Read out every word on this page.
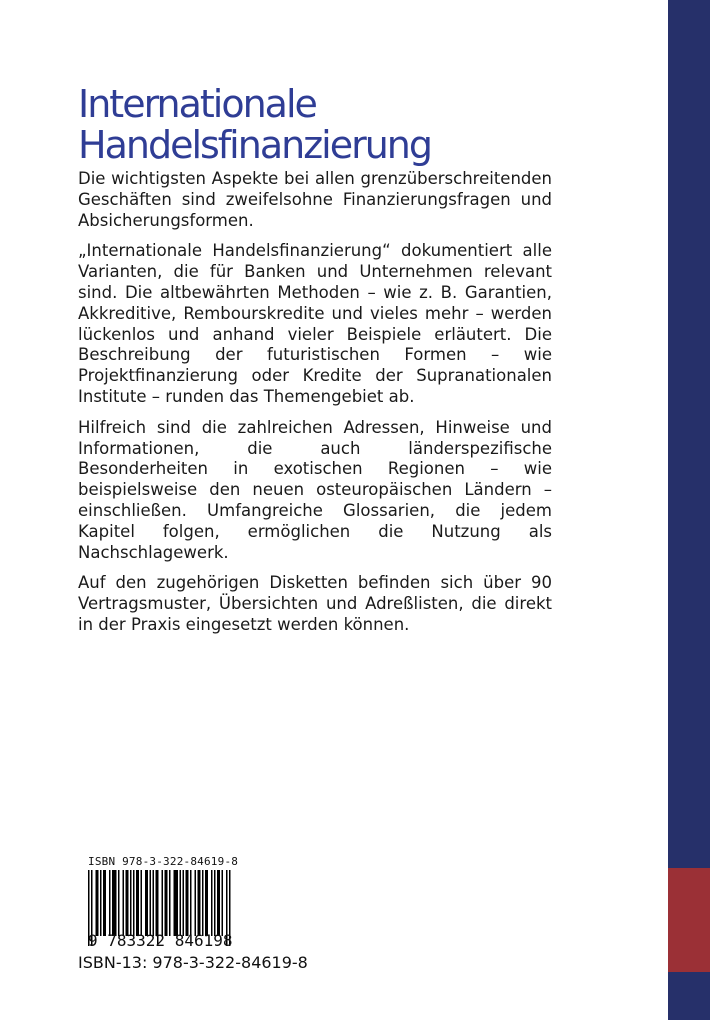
Internationale
Handelsfinanzierung

Die wichtigsten Aspekte bei allen grenzüberschreitenden Geschäften sind zweifelsohne Finanzierungsfragen und Absicherungsformen.

„Internationale Handelsfinanzierung“ dokumentiert alle Varianten, die für Banken und Unternehmen relevant sind. Die altbewährten Methoden – wie z. B. Garantien, Akkreditive, Rembourskredite und vieles mehr – werden lückenlos und anhand vieler Beispiele erläutert. Die Beschreibung der futuristischen Formen – wie Projektfinanzierung oder Kredite der Supranationalen Institute – runden das Themengebiet ab.

Hilfreich sind die zahlreichen Adressen, Hinweise und Informationen, die auch länderspezifische Besonderheiten in exotischen Regionen – wie beispielsweise den neuen osteuropäischen Ländern – einschließen. Umfangreiche Glossarien, die jedem Kapitel folgen, ermöglichen die Nutzung als Nachschlagewerk.

Auf den zugehörigen Disketten befinden sich über 90 Vertragsmuster, Übersichten und Adreßlisten, die direkt in der Praxis eingesetzt werden können.

ISBN 978-3-322-84619-8
9 783322 846198
ISBN-13: 978-3-322-84619-8
